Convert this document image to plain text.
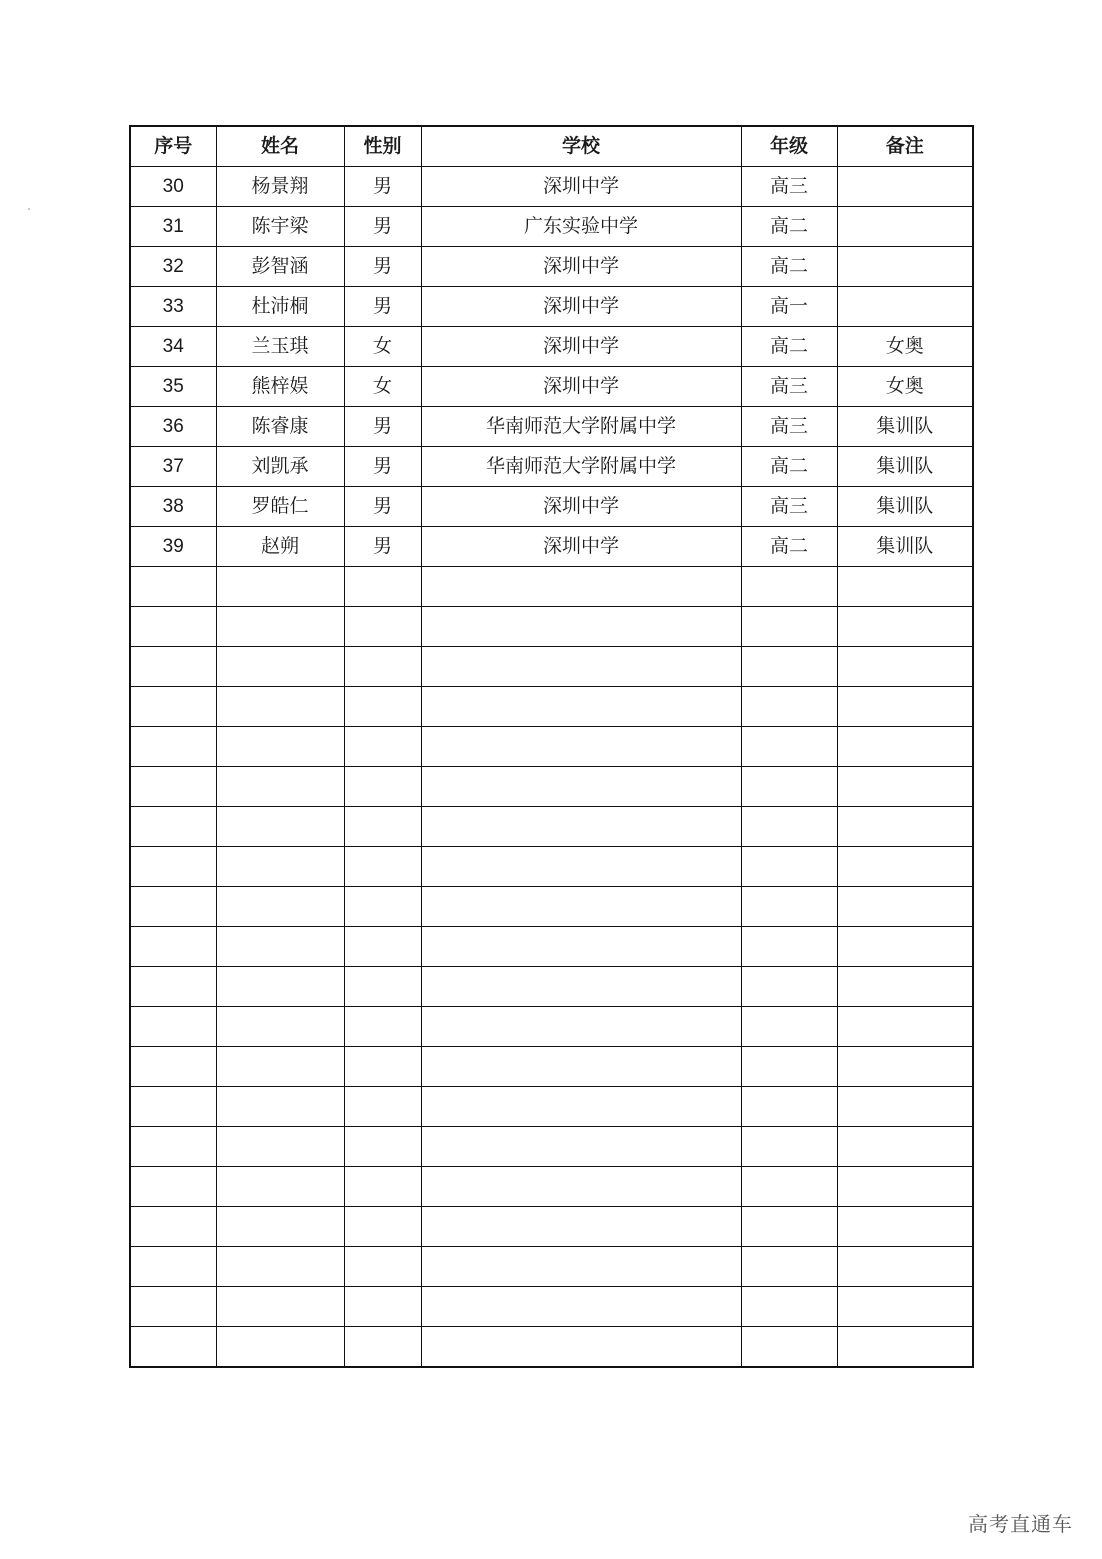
序号	姓名	性别	学校	年级	备注
30	杨景翔	男	深圳中学	高三	
31	陈宇梁	男	广东实验中学	高二	
32	彭智涵	男	深圳中学	高二	
33	杜沛桐	男	深圳中学	高一	
34	兰玉琪	女	深圳中学	高二	女奥
35	熊梓娱	女	深圳中学	高三	女奥
36	陈睿康	男	华南师范大学附属中学	高三	集训队
37	刘凯承	男	华南师范大学附属中学	高二	集训队
38	罗皓仁	男	深圳中学	高三	集训队
39	赵朔	男	深圳中学	高二	集训队

高考直通车
